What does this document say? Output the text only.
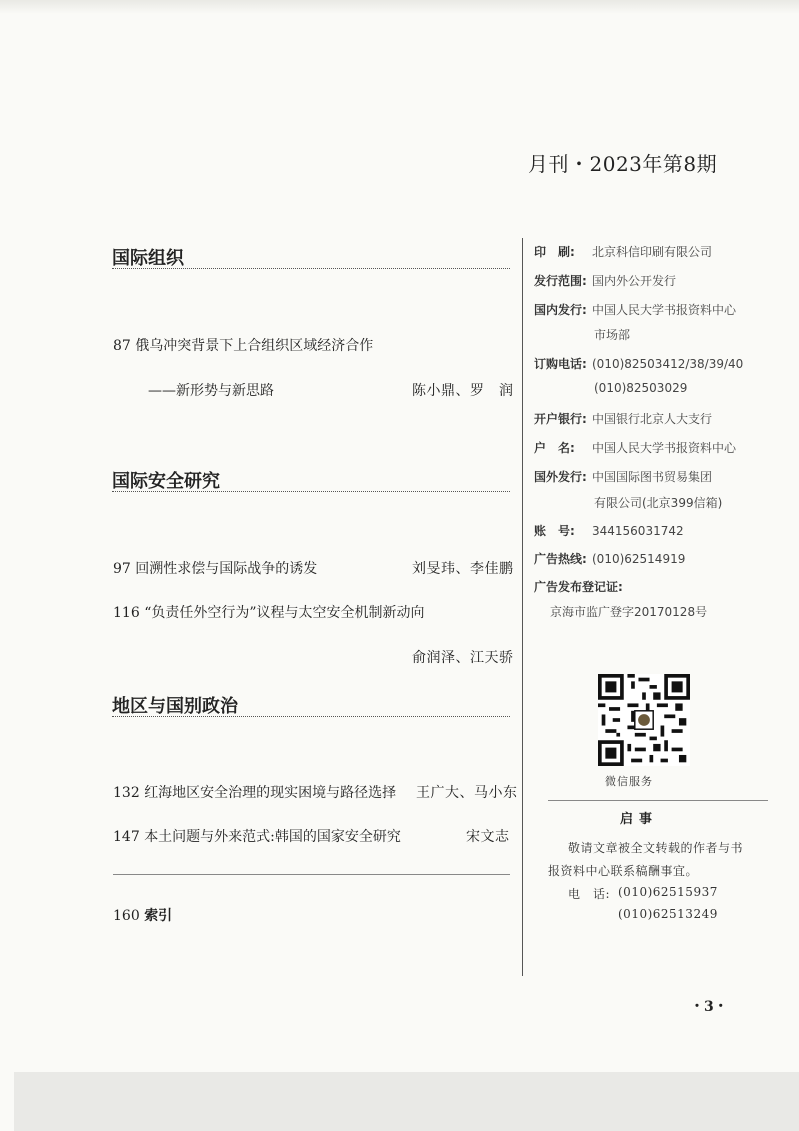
月刊・2023年第8期
国际组织
87 俄乌冲突背景下上合组织区域经济合作
——新形势与新思路	陈小鼎、罗　润
国际安全研究
97 回溯性求偿与国际战争的诱发	刘旻玮、李佳鹏
116 “负责任外空行为”议程与太空安全机制新动向
俞润泽、江天骄
地区与国别政治
132 红海地区安全治理的现实困境与路径选择 王广大、马小东
147 本土问题与外来范式:韩国的国家安全研究	宋文志
160 索引
印　刷: 北京科信印刷有限公司
发行范围: 国内外公开发行
国内发行: 中国人民大学书报资料中心
市场部
订购电话: (010)82503412/38/39/40
(010)82503029
开户银行: 中国银行北京人大支行
户　名: 中国人民大学书报资料中心
国外发行: 中国国际图书贸易集团
有限公司(北京399信箱)
账　号: 344156031742
广告热线: (010)62514919
广告发布登记证:
京海市监广登字20170128号
微信服务
启事
敬请文章被全文转载的作者与书
报资料中心联系稿酬事宜。
电　话: (010)62515937
(010)62513249
・3・
